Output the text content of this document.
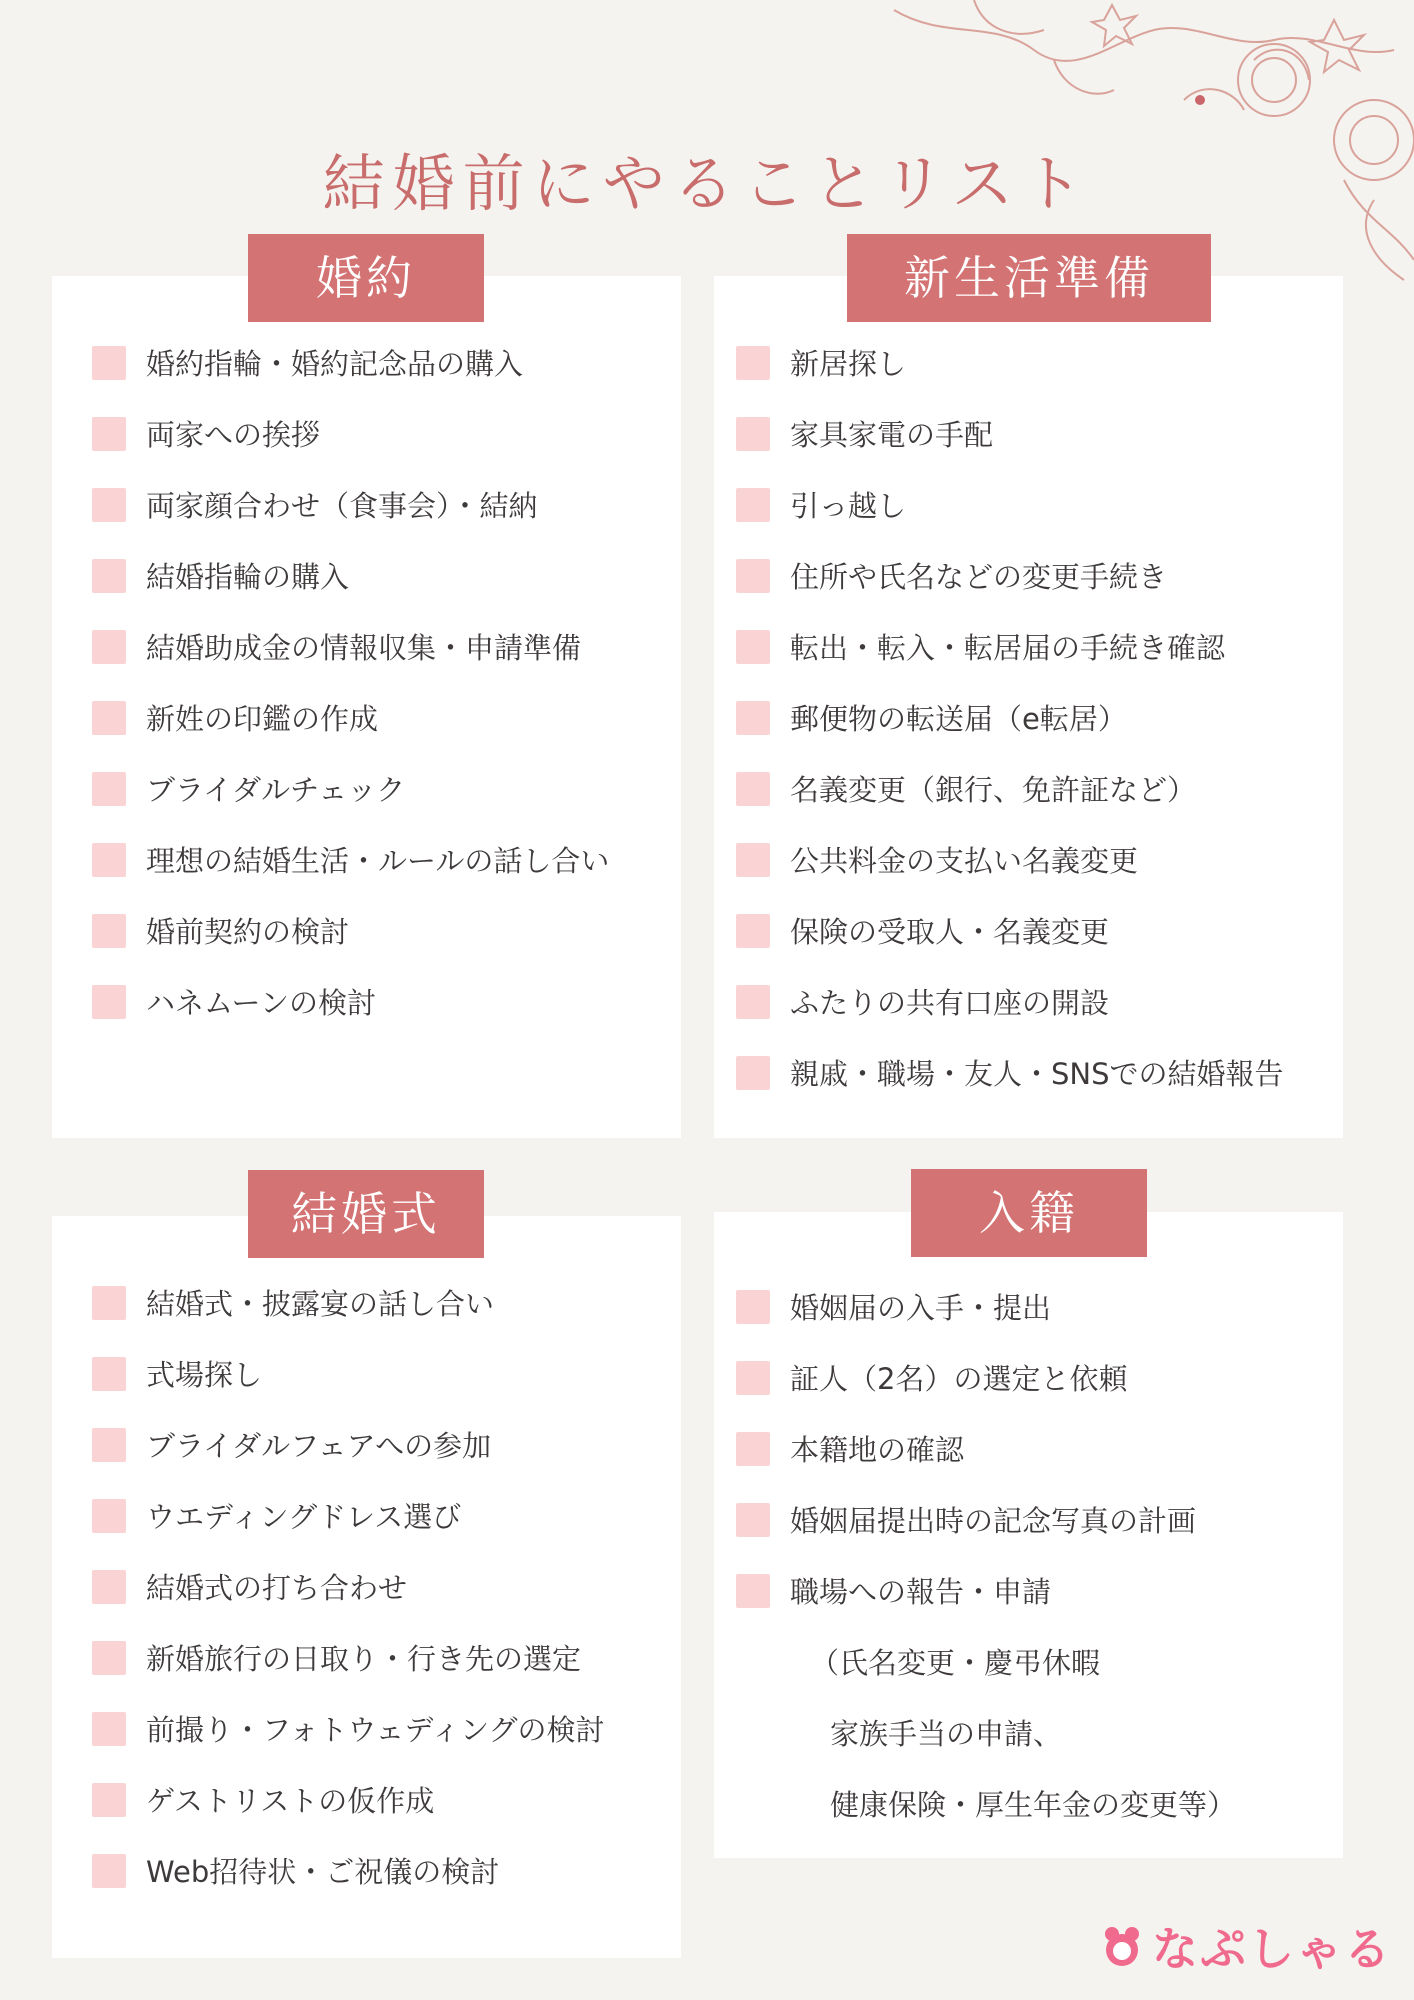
結婚前にやることリスト
婚約
婚約指輪・婚約記念品の購入
両家への挨拶
両家顔合わせ（食事会）・結納
結婚指輪の購入
結婚助成金の情報収集・申請準備
新姓の印鑑の作成
ブライダルチェック
理想の結婚生活・ルールの話し合い
婚前契約の検討
ハネムーンの検討
新生活準備
新居探し
家具家電の手配
引っ越し
住所や氏名などの変更手続き
転出・転入・転居届の手続き確認
郵便物の転送届（e転居）
名義変更（銀行、免許証など）
公共料金の支払い名義変更
保険の受取人・名義変更
ふたりの共有口座の開設
親戚・職場・友人・SNSでの結婚報告
結婚式
結婚式・披露宴の話し合い
式場探し
ブライダルフェアへの参加
ウエディングドレス選び
結婚式の打ち合わせ
新婚旅行の日取り・行き先の選定
前撮り・フォトウェディングの検討
ゲストリストの仮作成
Web招待状・ご祝儀の検討
入籍
婚姻届の入手・提出
証人（2名）の選定と依頼
本籍地の確認
婚姻届提出時の記念写真の計画
職場への報告・申請
（氏名変更・慶弔休暇
家族手当の申請、
健康保険・厚生年金の変更等）
なぷしゃる
